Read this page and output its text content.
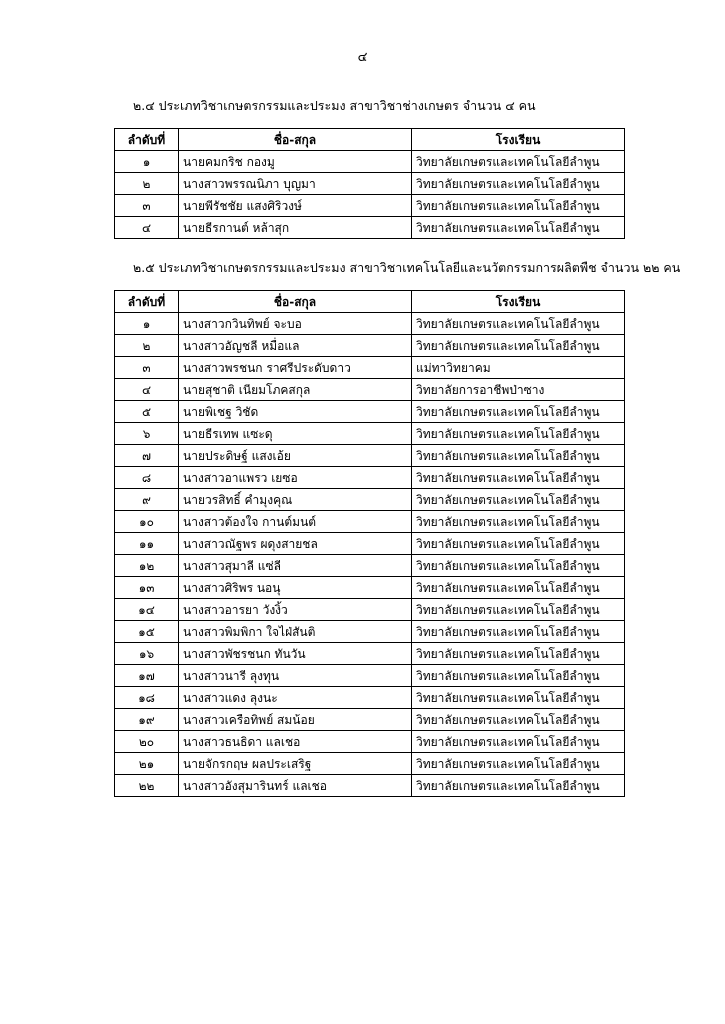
๔
๒.๔ ประเภทวิชาเกษตรกรรมและประมง สาขาวิชาช่างเกษตร จำนวน ๔ คน
ลำดับที่	ชื่อ-สกุล	โรงเรียน
๑	นายคมกริช กองมู	วิทยาลัยเกษตรและเทคโนโลยีลำพูน
๒	นางสาวพรรณนิภา บุญมา	วิทยาลัยเกษตรและเทคโนโลยีลำพูน
๓	นายพีรัชชัย แสงศิริวงษ์	วิทยาลัยเกษตรและเทคโนโลยีลำพูน
๔	นายธีรกานต์ หล้าสุก	วิทยาลัยเกษตรและเทคโนโลยีลำพูน
๒.๕ ประเภทวิชาเกษตรกรรมและประมง สาขาวิชาเทคโนโลยีและนวัตกรรมการผลิตพืช จำนวน ๒๒ คน
ลำดับที่	ชื่อ-สกุล	โรงเรียน
๑	นางสาวกวินทิพย์ จะบอ	วิทยาลัยเกษตรและเทคโนโลยีลำพูน
๒	นางสาวอัญชลี หมื่อแล	วิทยาลัยเกษตรและเทคโนโลยีลำพูน
๓	นางสาวพรชนก ราศรีประดับดาว	แม่ทาวิทยาคม
๔	นายสุชาติ เนียมโภคสกุล	วิทยาลัยการอาชีพป่าซาง
๕	นายพิเชฐ วิชัด	วิทยาลัยเกษตรและเทคโนโลยีลำพูน
๖	นายธีรเทพ แซะดุ	วิทยาลัยเกษตรและเทคโนโลยีลำพูน
๗	นายประดิษฐ์ แสงเอ้ย	วิทยาลัยเกษตรและเทคโนโลยีลำพูน
๘	นางสาวอาแพรว เยซอ	วิทยาลัยเกษตรและเทคโนโลยีลำพูน
๙	นายวรสิทธิ์ คำมุงคุณ	วิทยาลัยเกษตรและเทคโนโลยีลำพูน
๑๐	นางสาวต้องใจ กานต์มนต์	วิทยาลัยเกษตรและเทคโนโลยีลำพูน
๑๑	นางสาวณัฐพร ผดุงสายชล	วิทยาลัยเกษตรและเทคโนโลยีลำพูน
๑๒	นางสาวสุมาลี แซ่ลี	วิทยาลัยเกษตรและเทคโนโลยีลำพูน
๑๓	นางสาวศิริพร นอนุ	วิทยาลัยเกษตรและเทคโนโลยีลำพูน
๑๔	นางสาวอารยา วังงิ้ว	วิทยาลัยเกษตรและเทคโนโลยีลำพูน
๑๕	นางสาวพิมพิกา ใจไฝ่สันติ	วิทยาลัยเกษตรและเทคโนโลยีลำพูน
๑๖	นางสาวพัชรชนก ทันวัน	วิทยาลัยเกษตรและเทคโนโลยีลำพูน
๑๗	นางสาวนารี ลุงทุน	วิทยาลัยเกษตรและเทคโนโลยีลำพูน
๑๘	นางสาวแดง ลุงนะ	วิทยาลัยเกษตรและเทคโนโลยีลำพูน
๑๙	นางสาวเครือทิพย์ สมน้อย	วิทยาลัยเกษตรและเทคโนโลยีลำพูน
๒๐	นางสาวธนธิดา แลเชอ	วิทยาลัยเกษตรและเทคโนโลยีลำพูน
๒๑	นายจักรกฤษ ผลประเสริฐ	วิทยาลัยเกษตรและเทคโนโลยีลำพูน
๒๒	นางสาวอังสุมารินทร์ แลเชอ	วิทยาลัยเกษตรและเทคโนโลยีลำพูน
